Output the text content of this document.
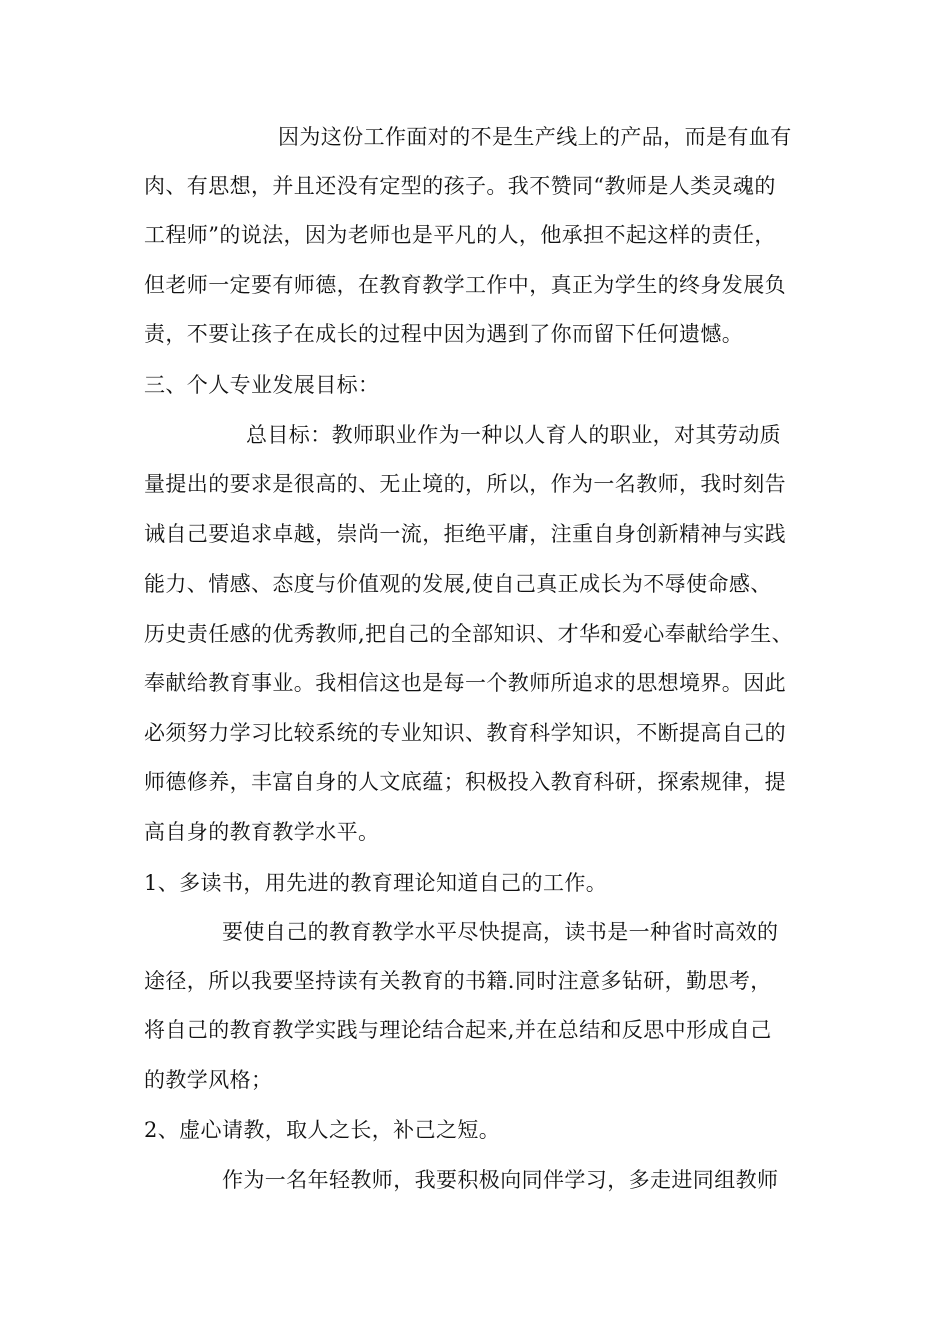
因为这份工作面对的不是生产线上的产品，而是有血有
肉、有思想，并且还没有定型的孩子。我不赞同“教师是人类灵魂的
工程师”的说法，因为老师也是平凡的人，他承担不起这样的责任，
但老师一定要有师德，在教育教学工作中，真正为学生的终身发展负
责，不要让孩子在成长的过程中因为遇到了你而留下任何遗憾。
三、个人专业发展目标：
总目标：教师职业作为一种以人育人的职业，对其劳动质
量提出的要求是很高的、无止境的，所以，作为一名教师，我时刻告
诫自己要追求卓越，崇尚一流，拒绝平庸，注重自身创新精神与实践
能力、情感、态度与价值观的发展,使自己真正成长为不辱使命感、
历史责任感的优秀教师,把自己的全部知识、才华和爱心奉献给学生、
奉献给教育事业。我相信这也是每一个教师所追求的思想境界。因此
必须努力学习比较系统的专业知识、教育科学知识，不断提高自己的
师德修养，丰富自身的人文底蕴；积极投入教育科研，探索规律，提
高自身的教育教学水平。
1、多读书，用先进的教育理论知道自己的工作。
要使自己的教育教学水平尽快提高，读书是一种省时高效的
途径，所以我要坚持读有关教育的书籍.同时注意多钻研，勤思考，
将自己的教育教学实践与理论结合起来,并在总结和反思中形成自己
的教学风格；
2、虚心请教，取人之长，补己之短。
作为一名年轻教师，我要积极向同伴学习，多走进同组教师
